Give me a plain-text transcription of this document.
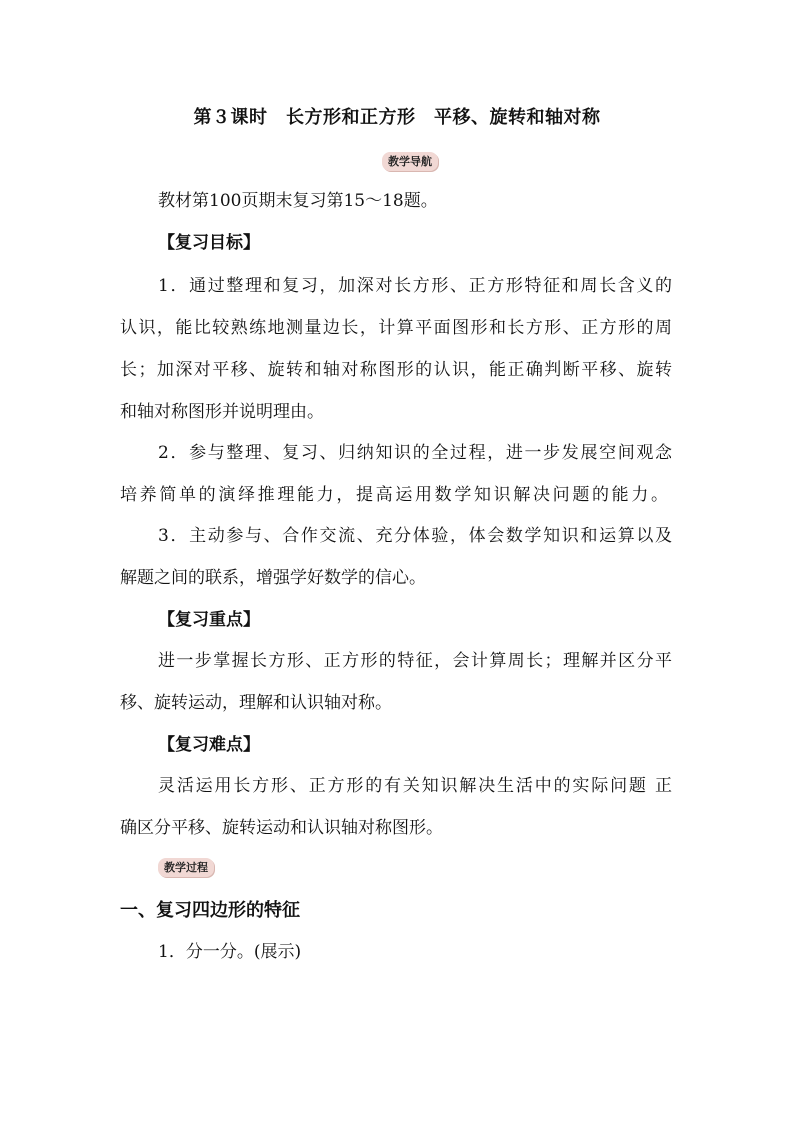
第３课时　长方形和正方形　平移、旋转和轴对称
教学导航
教材第100页期末复习第15～18题。
【复习目标】
1．通过整理和复习，加深对长方形、正方形特征和周长含义的
认识，能比较熟练地测量边长，计算平面图形和长方形、正方形的周
长；加深对平移、旋转和轴对称图形的认识，能正确判断平移、旋转
和轴对称图形并说明理由。
2．参与整理、复习、归纳知识的全过程，进一步发展空间观念
培养简单的演绎推理能力，提高运用数学知识解决问题的能力。
3．主动参与、合作交流、充分体验，体会数学知识和运算以及
解题之间的联系，增强学好数学的信心。
【复习重点】
进一步掌握长方形、正方形的特征，会计算周长；理解并区分平
移、旋转运动，理解和认识轴对称。
【复习难点】
灵活运用长方形、正方形的有关知识解决生活中的实际问题 正
确区分平移、旋转运动和认识轴对称图形。
教学过程
一、复习四边形的特征
1．分一分。(展示)
